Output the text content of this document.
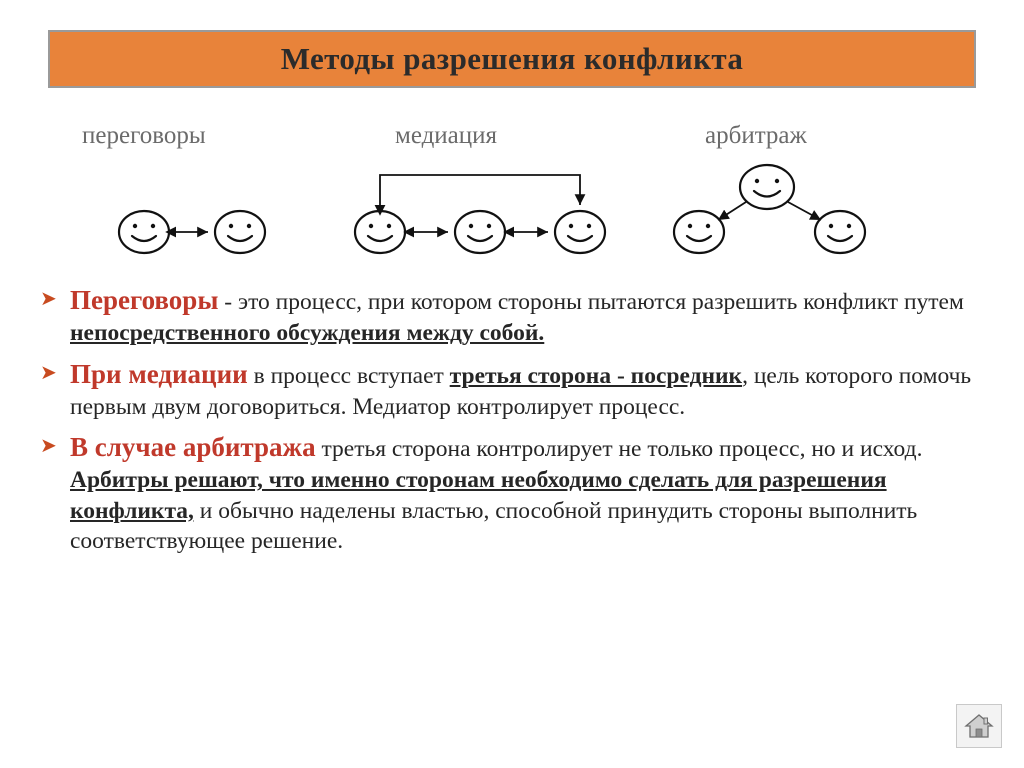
Методы разрешения конфликта
переговоры	медиация	арбитраж
➤ Переговоры - это процесс, при котором стороны пытаются разрешить конфликт путем непосредственного обсуждения между собой.
➤ При медиации в процесс вступает третья сторона - посредник, цель которого помочь первым двум договориться. Медиатор контролирует процесс.
➤ В случае арбитража третья сторона контролирует не только процесс, но и исход. Арбитры решают, что именно сторонам необходимо сделать для разрешения конфликта, и обычно наделены властью, способной принудить стороны выполнить соответствующее решение.
